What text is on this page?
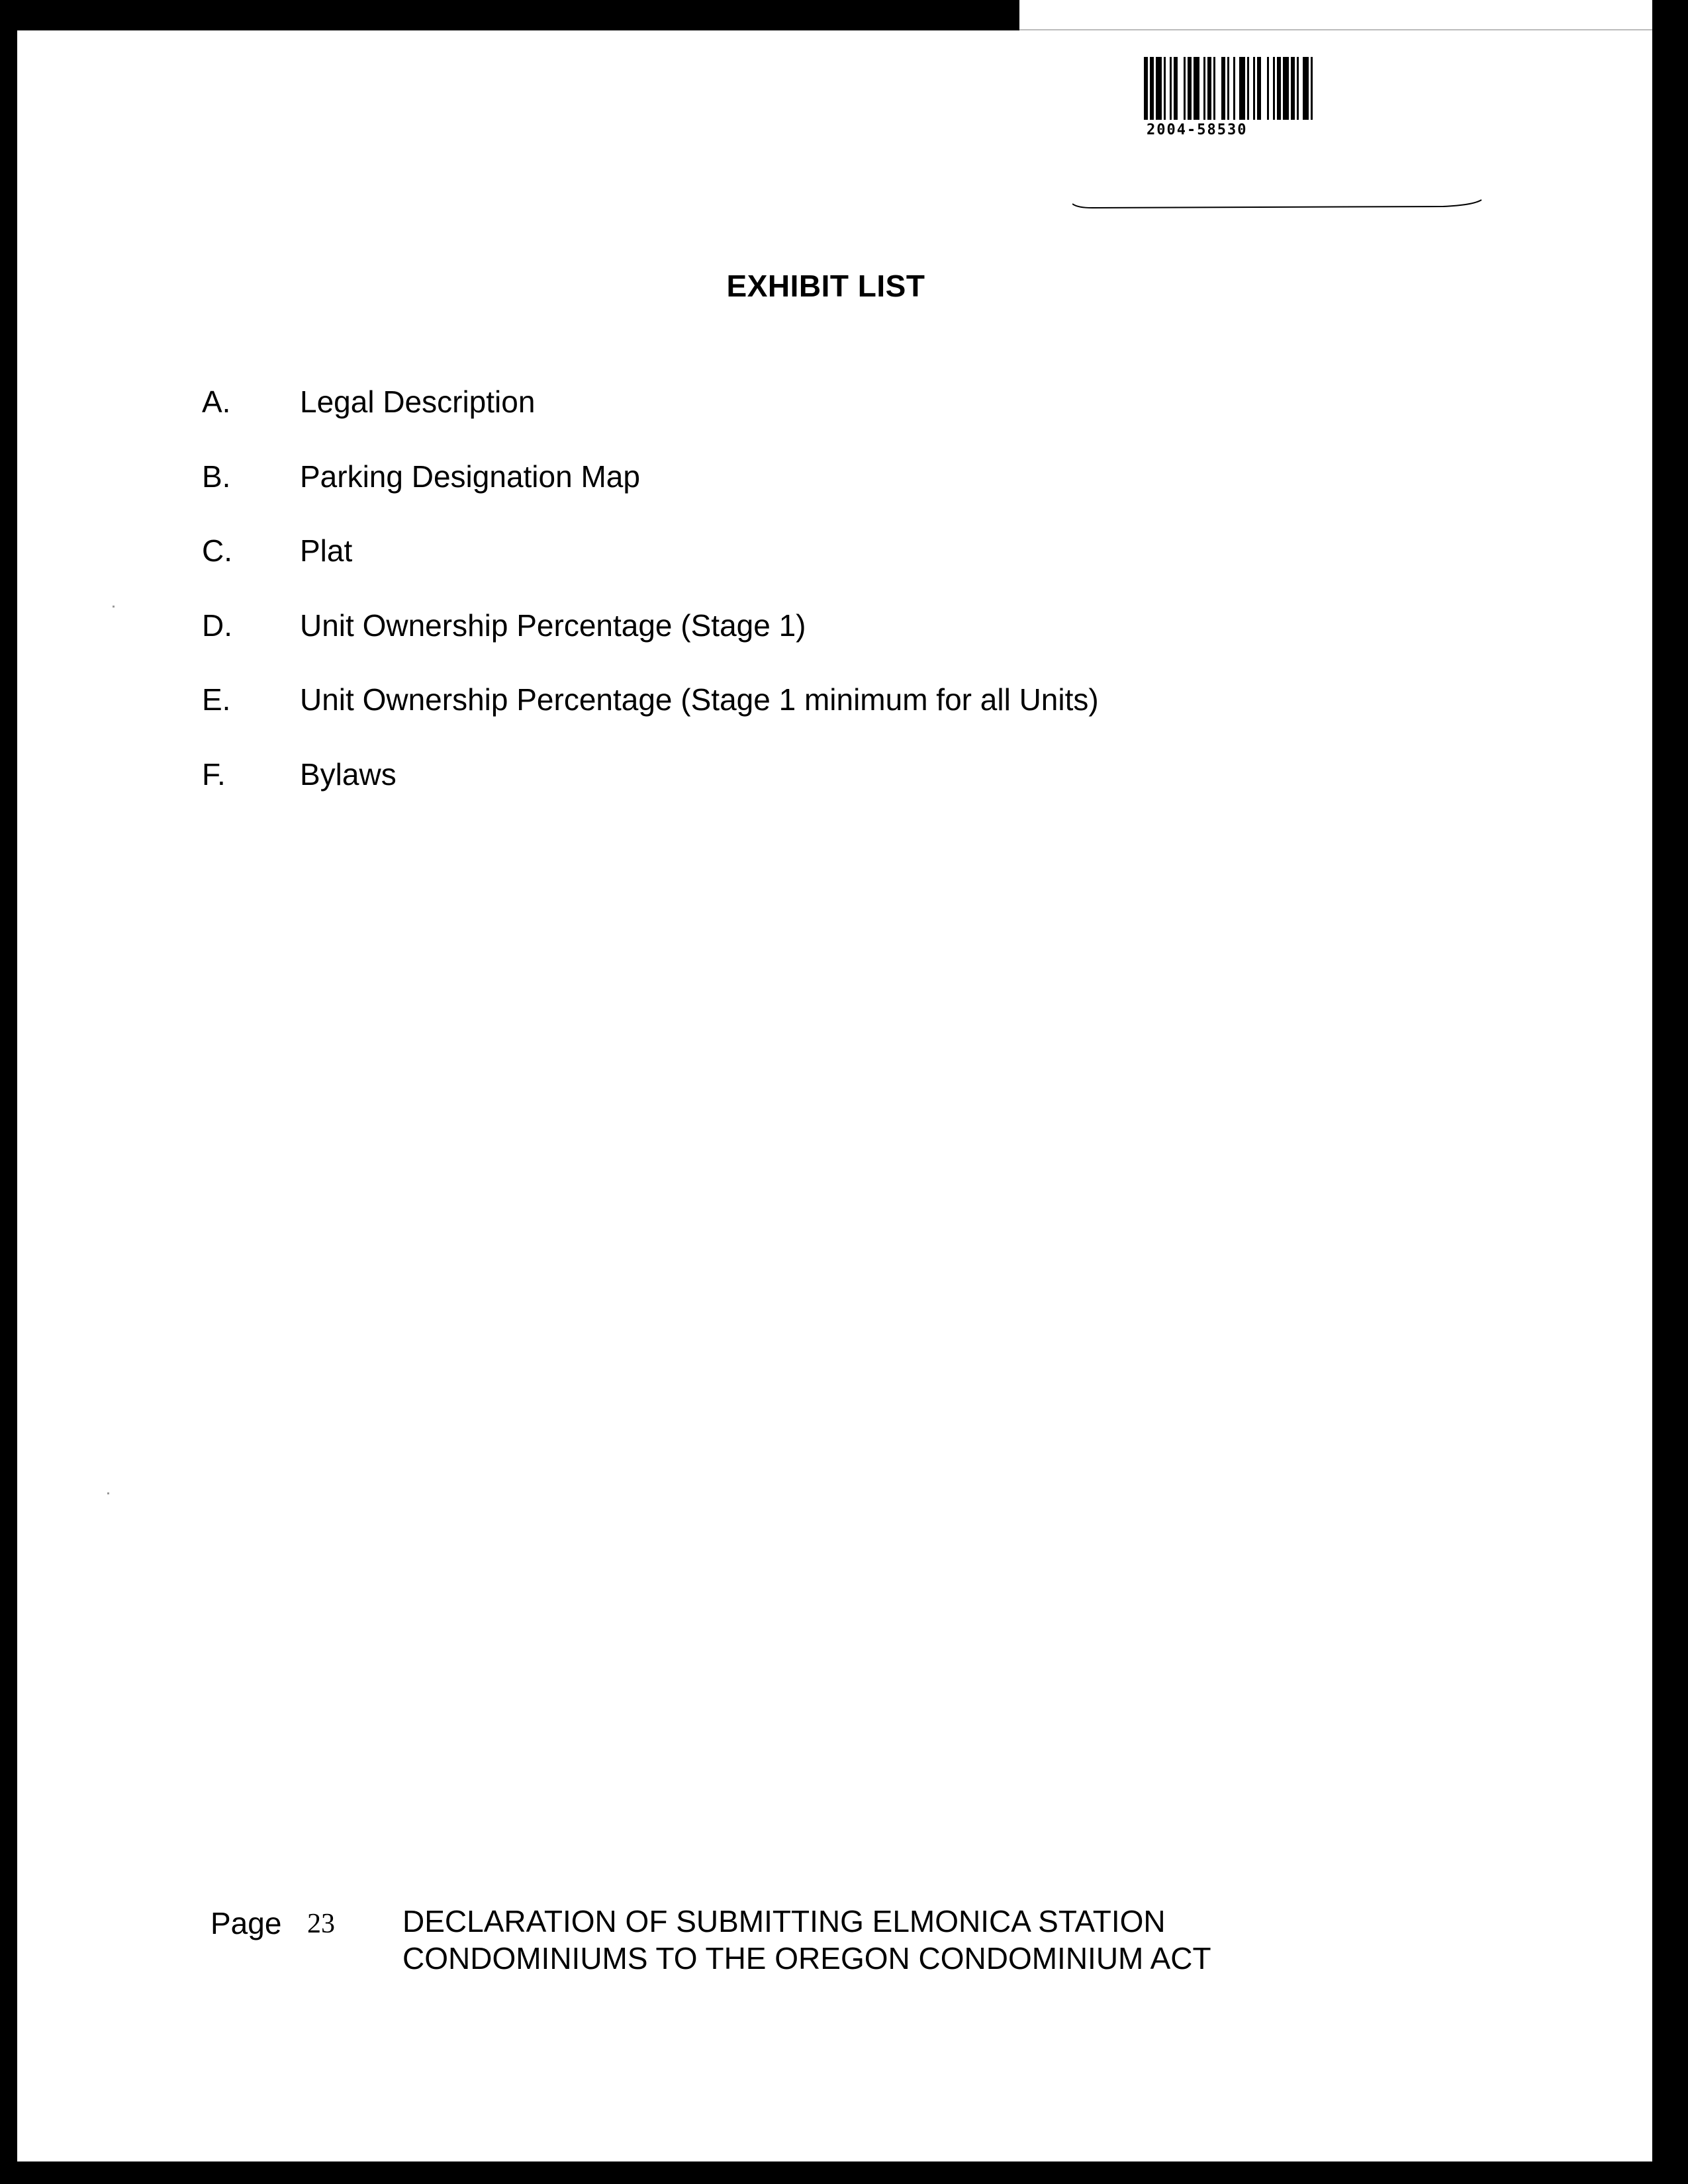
2004-58530
EXHIBIT LIST
A. Legal Description
B. Parking Designation Map
C. Plat
D. Unit Ownership Percentage (Stage 1)
E. Unit Ownership Percentage (Stage 1 minimum for all Units)
F. Bylaws
Page 23 DECLARATION OF SUBMITTING ELMONICA STATION
CONDOMINIUMS TO THE OREGON CONDOMINIUM ACT
